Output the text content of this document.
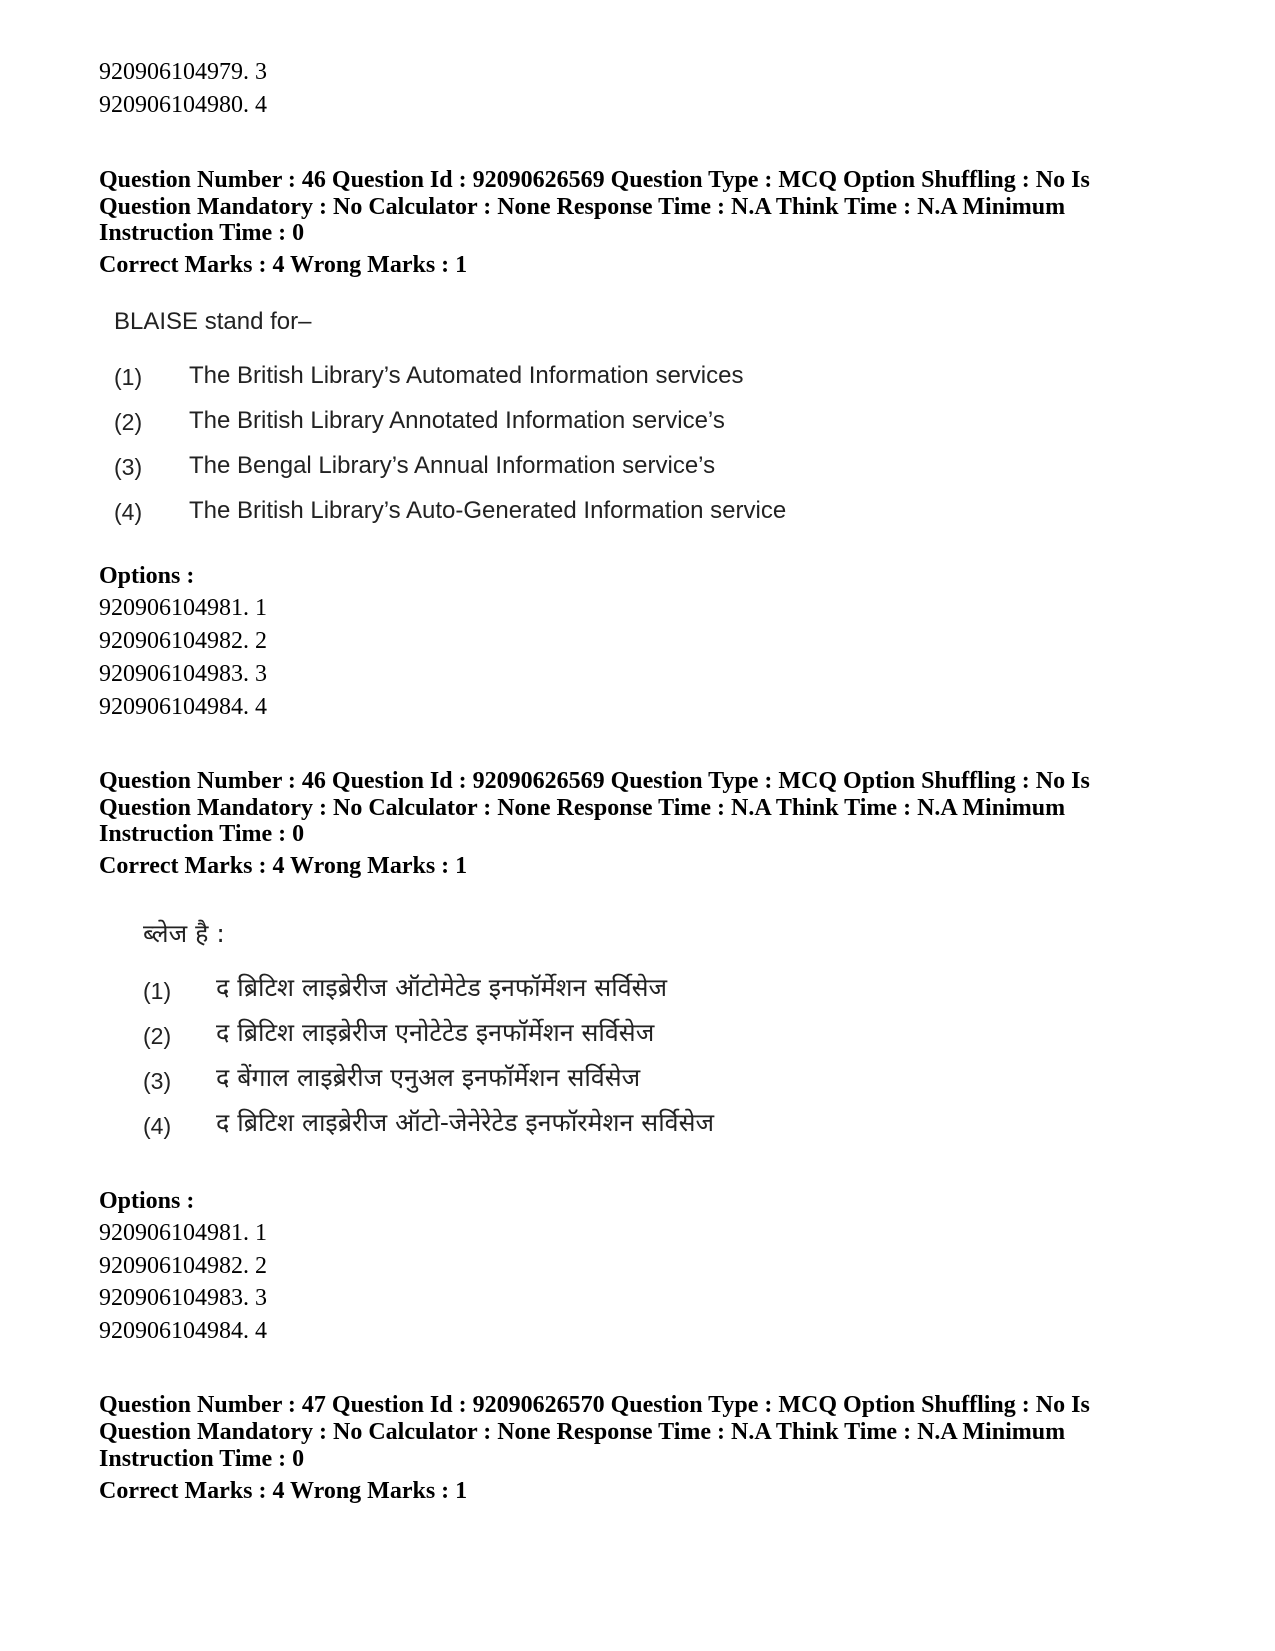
920906104979. 3

920906104980. 4

Question Number : 46 Question Id : 92090626569 Question Type : MCQ Option Shuffling : No Is

Question Mandatory : No Calculator : None Response Time : N.A Think Time : N.A Minimum

Instruction Time : 0

Correct Marks : 4 Wrong Marks : 1

BLAISE stand for–
(1) The British Library’s Automated Information services
(2) The British Library Annotated Information service’s
(3) The Bengal Library’s Annual Information service’s
(4) The British Library’s Auto-Generated Information service

Options :

920906104981. 1

920906104982. 2

920906104983. 3

920906104984. 4

Question Number : 46 Question Id : 92090626569 Question Type : MCQ Option Shuffling : No Is

Question Mandatory : No Calculator : None Response Time : N.A Think Time : N.A Minimum

Instruction Time : 0

Correct Marks : 4 Wrong Marks : 1

ब्लेज है :
(1) द ब्रिटिश लाइब्रेरीज ऑटोमेटेड इनफॉर्मेशन सर्विसेज
(2) द ब्रिटिश लाइब्रेरीज एनोटेटेड इनफॉर्मेशन सर्विसेज
(3) द बेंगाल लाइब्रेरीज एनुअल इनफॉर्मेशन सर्विसेज
(4) द ब्रिटिश लाइब्रेरीज ऑटो-जेनेरेटेड इनफॉरमेशन सर्विसेज

Options :

920906104981. 1

920906104982. 2

920906104983. 3

920906104984. 4

Question Number : 47 Question Id : 92090626570 Question Type : MCQ Option Shuffling : No Is

Question Mandatory : No Calculator : None Response Time : N.A Think Time : N.A Minimum

Instruction Time : 0

Correct Marks : 4 Wrong Marks : 1
